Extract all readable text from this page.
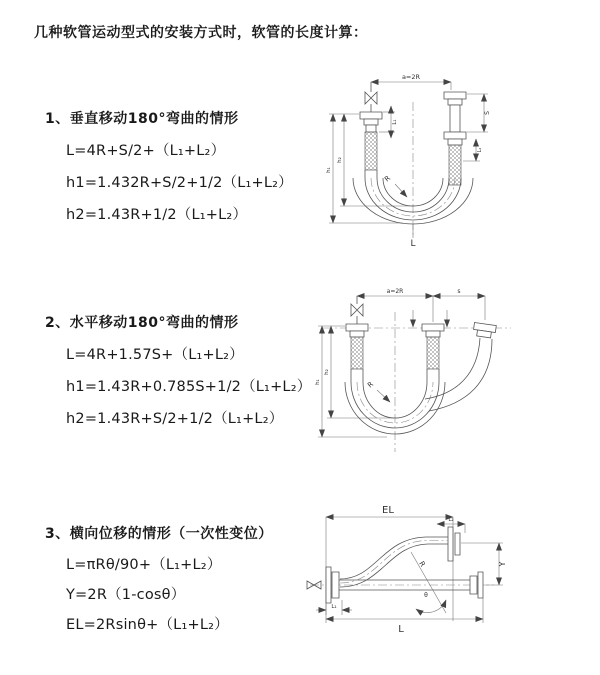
几种软管运动型式的安装方式时，软管的长度计算：
1、垂直移动180°弯曲的情形
L=4R+S/2+（L₁+L₂）
h1=1.432R+S/2+1/2（L₁+L₂）
h2=1.43R+1/2（L₁+L₂）
2、水平移动180°弯曲的情形
L=4R+1.57S+（L₁+L₂）
h1=1.43R+0.785S+1/2（L₁+L₂）
h2=1.43R+S/2+1/2（L₁+L₂）
3、横向位移的情形（一次性变位）
L=πRθ/90+（L₁+L₂）
Y=2R（1-cosθ）
EL=2Rsinθ+（L₁+L₂）
a=2R
L₁
S
L₂
h₁
h₂
R
L
a=2R	s
h₁
h₂
R
EL
L₂
Y
L₁
R
θ
L
